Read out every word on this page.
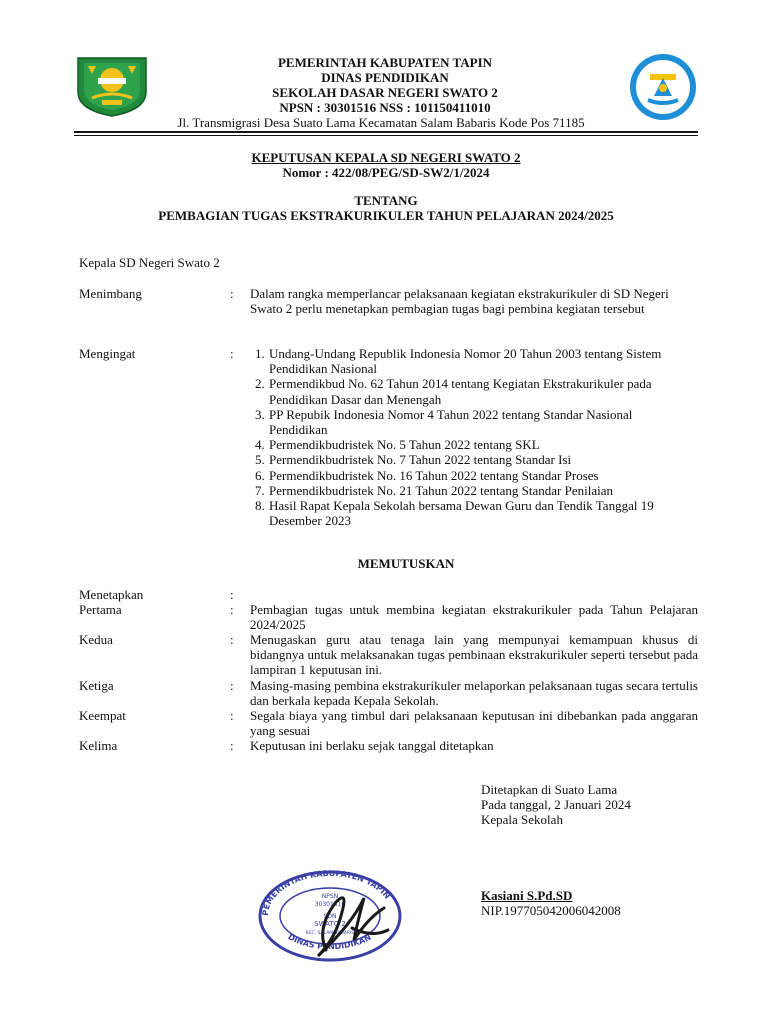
PEMERINTAH KABUPATEN TAPIN
DINAS PENDIDIKAN
SEKOLAH DASAR NEGERI SWATO 2
NPSN : 30301516 NSS : 101150411010
Jl. Transmigrasi Desa Suato Lama Kecamatan Salam Babaris Kode Pos 71185
KEPUTUSAN KEPALA SD NEGERI SWATO 2
Nomor : 422/08/PEG/SD-SW2/1/2024
TENTANG
PEMBAGIAN TUGAS EKSTRAKURIKULER TAHUN PELAJARAN 2024/2025
Kepala SD Negeri Swato 2
Menimbang	: Dalam rangka memperlancar pelaksanaan kegiatan ekstrakurikuler di SD Negeri Swato 2 perlu menetapkan pembagian tugas bagi pembina kegiatan tersebut
Mengingat	:
1.	Undang-Undang Republik Indonesia Nomor 20 Tahun 2003 tentang Sistem Pendidikan Nasional
2. Permendikbud No. 62 Tahun 2014 tentang Kegiatan Ekstrakurikuler pada Pendidikan Dasar dan Menengah
3. PP Repubik Indonesia Nomor 4 Tahun 2022 tentang Standar Nasional Pendidikan
4. Permendikbudristek No. 5 Tahun 2022 tentang SKL
5. Permendikbudristek No. 7 Tahun 2022 tentang Standar Isi
6. Permendikbudristek No. 16 Tahun 2022 tentang Standar Proses
7. Permendikbudristek No. 21 Tahun 2022 tentang Standar Penilaian
8. Hasil Rapat Kepala Sekolah bersama Dewan Guru dan Tendik Tanggal 19 Desember 2023
MEMUTUSKAN
Menetapkan	:
Pertama	: Pembagian tugas untuk membina kegiatan ekstrakurikuler pada Tahun Pelajaran 2024/2025
Kedua	: Menugaskan guru atau tenaga lain yang mempunyai kemampuan khusus di bidangnya untuk melaksanakan tugas pembinaan ekstrakurikuler seperti tersebut pada lampiran 1 keputusan ini.
Ketiga	: Masing-masing pembina ekstrakurikuler melaporkan pelaksanaan tugas secara tertulis dan berkala kepada Kepala Sekolah.
Keempat	: Segala biaya yang timbul dari pelaksanaan keputusan ini dibebankan pada anggaran yang sesuai
Kelima	: Keputusan ini berlaku sejak tanggal ditetapkan
Ditetapkan di Suato Lama
Pada tanggal, 2 Januari 2024
Kepala Sekolah
Kasiani S.Pd.SD
NIP.197705042006042008
PEMERINTAH KABUPATEN TAPIN
DINAS PENDIDIKAN
NPSN
30301516
SDN
SWATO 2
KEC. SALAM BABARIS
